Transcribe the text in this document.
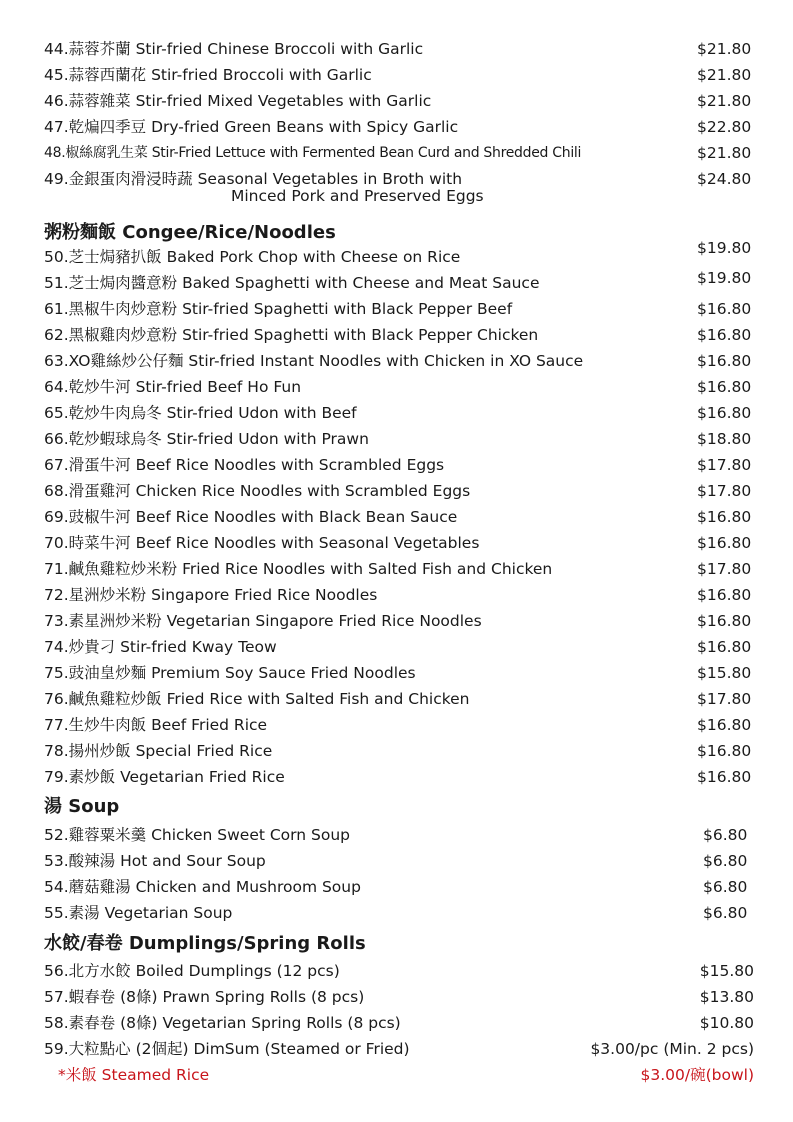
44.蒜蓉芥蘭 Stir-fried Chinese Broccoli with Garlic	$21.80
45.蒜蓉西蘭花 Stir-fried Broccoli with Garlic	$21.80
46.蒜蓉雜菜 Stir-fried Mixed Vegetables with Garlic	$21.80
47.乾煸四季豆 Dry-fried Green Beans with Spicy Garlic	$22.80
48.椒絲腐乳生菜 Stir-Fried Lettuce with Fermented Bean Curd and Shredded Chili	$21.80
49.金銀蛋肉滑浸時蔬 Seasonal Vegetables in Broth with
Minced Pork and Preserved Eggs
$24.80
粥粉麵飯 Congee/Rice/Noodles
50.芝士焗豬扒飯 Baked Pork Chop with Cheese on Rice	$19.80
51.芝士焗肉醬意粉 Baked Spaghetti with Cheese and Meat Sauce	$19.80
61.黑椒牛肉炒意粉 Stir-fried Spaghetti with Black Pepper Beef	$16.80
62.黑椒雞肉炒意粉 Stir-fried Spaghetti with Black Pepper Chicken	$16.80
63.XO雞絲炒公仔麵 Stir-fried Instant Noodles with Chicken in XO Sauce	$16.80
64.乾炒牛河 Stir-fried Beef Ho Fun	$16.80
65.乾炒牛肉烏冬 Stir-fried Udon with Beef	$16.80
66.乾炒蝦球烏冬 Stir-fried Udon with Prawn	$18.80
67.滑蛋牛河 Beef Rice Noodles with Scrambled Eggs	$17.80
68.滑蛋雞河 Chicken Rice Noodles with Scrambled Eggs	$17.80
69.豉椒牛河 Beef Rice Noodles with Black Bean Sauce	$16.80
70.時菜牛河 Beef Rice Noodles with Seasonal Vegetables	$16.80
71.鹹魚雞粒炒米粉 Fried Rice Noodles with Salted Fish and Chicken	$17.80
72.星洲炒米粉 Singapore Fried Rice Noodles	$16.80
73.素星洲炒米粉 Vegetarian Singapore Fried Rice Noodles	$16.80
74.炒貴刁 Stir-fried Kway Teow	$16.80
75.豉油皇炒麵 Premium Soy Sauce Fried Noodles	$15.80
76.鹹魚雞粒炒飯 Fried Rice with Salted Fish and Chicken	$17.80
77.生炒牛肉飯 Beef Fried Rice	$16.80
78.揚州炒飯 Special Fried Rice	$16.80
79.素炒飯 Vegetarian Fried Rice	$16.80
湯 Soup
52.雞蓉粟米羹 Chicken Sweet Corn Soup	$6.80
53.酸辣湯 Hot and Sour Soup	$6.80
54.蘑菇雞湯 Chicken and Mushroom Soup	$6.80
55.素湯 Vegetarian Soup	$6.80
水餃/春卷 Dumplings/Spring Rolls
56.北方水餃 Boiled Dumplings (12 pcs)	$15.80
57.蝦春卷 (8條) Prawn Spring Rolls (8 pcs)	$13.80
58.素春卷 (8條) Vegetarian Spring Rolls (8 pcs)	$10.80
59.大粒點心 (2個起) DimSum (Steamed or Fried)	$3.00/pc (Min. 2 pcs)
*米飯 Steamed Rice	$3.00/碗(bowl)
